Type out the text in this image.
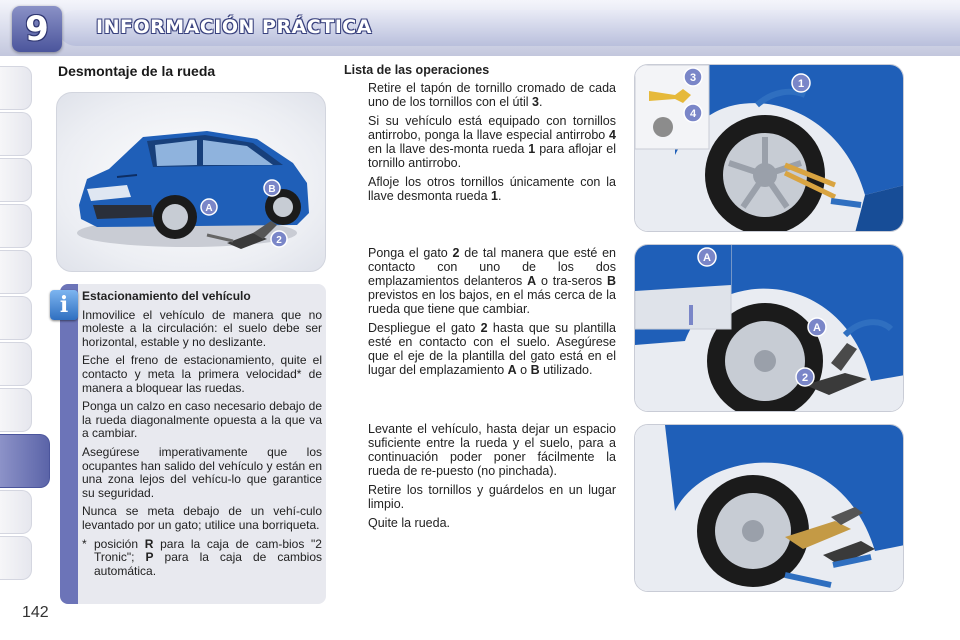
9 INFORMACIÓN PRÁCTICA
142
Desmontaje de la rueda
A
B
2
i	Estacionamiento del vehículo

Inmovilice el vehículo de manera que no moleste a la circulación: el suelo debe ser horizontal, estable y no deslizante.

Eche el freno de estacionamiento, quite el contacto y meta la primera velocidad* de manera a bloquear las ruedas.

Ponga un calzo en caso necesario debajo de la rueda diagonalmente opuesta a la que va a cambiar.

Asegúrese imperativamente que los ocupantes han salido del vehículo y están en una zona lejos del vehícu-lo que garantice su seguridad.

Nunca se meta debajo de un vehí-culo levantado por un gato; utilice una borriqueta.

* posición R para la caja de cam-bios "2 Tronic"; P para la caja de cambios automática.
Lista de las operaciones
Retire el tapón de tornillo cromado de cada uno de los tornillos con el útil 3.
Si su vehículo está equipado con tornillos antirrobo, ponga la llave especial antirrobo 4 en la llave des-monta rueda 1 para aflojar el tornillo antirrobo.
Afloje los otros tornillos únicamente con la llave desmonta rueda 1.
Ponga el gato 2 de tal manera que esté en contacto con uno de los dos emplazamientos delanteros A o tra-seros B previstos en los bajos, en el más cerca de la rueda que tiene que cambiar.
Despliegue el gato 2 hasta que su plantilla esté en contacto con el suelo. Asegúrese que el eje de la plantilla del gato está en el lugar del emplazamiento A o B utilizado.
Levante el vehículo, hasta dejar un espacio suficiente entre la rueda y el suelo, para a continuación poder poner fácilmente la rueda de re-puesto (no pinchada).
Retire los tornillos y guárdelos en un lugar limpio.
Quite la rueda.
1
3
4
A
A
2
